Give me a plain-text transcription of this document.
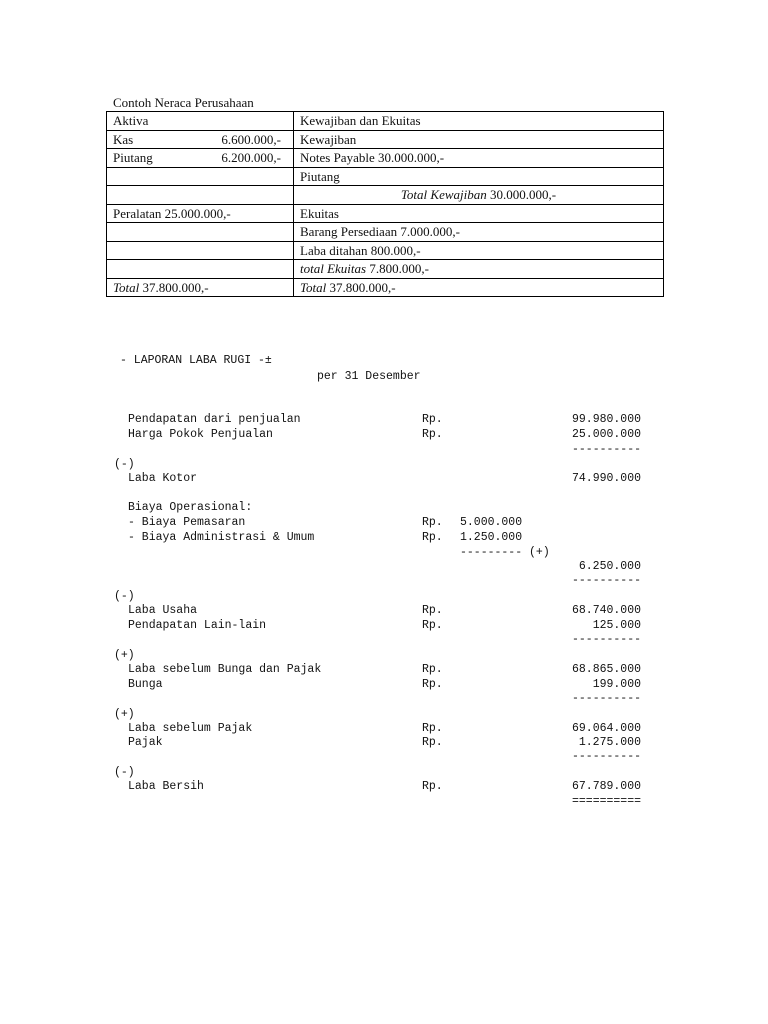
Contoh Neraca Perusahaan
Aktiva	Kewajiban dan Ekuitas

Kas 6.600.000,-	Kewajiban

Piutang 6.200.000,-	Notes Payable 30.000.000,-
	Piutang
	Total Kewajiban 30.000.000,-
Peralatan 25.000.000,-	Ekuitas
	Barang Persediaan 7.000.000,-
	Laba ditahan 800.000,-
	total Ekuitas 7.800.000,-
Total 37.800.000,-	Total 37.800.000,-
- LAPORAN LABA RUGI -±
per 31 Desember
Pendapatan dari penjualan	Rp.	99.980.000
Harga Pokok Penjualan	Rp.	25.000.000
----------
(-)
Laba Kotor	74.990.000
Biaya Operasional:
- Biaya Pemasaran	Rp. 5.000.000
- Biaya Administrasi & Umum	Rp. 1.250.000
--------- (+)
6.250.000
----------
(-)
Laba Usaha	Rp.	68.740.000
Pendapatan Lain-lain	Rp.	125.000
----------
(+)
Laba sebelum Bunga dan Pajak	Rp.	68.865.000
Bunga	Rp.	199.000
----------
(+)
Laba sebelum Pajak	Rp.	69.064.000
Pajak	Rp.	1.275.000
----------
(-)
Laba Bersih	Rp.	67.789.000
==========
